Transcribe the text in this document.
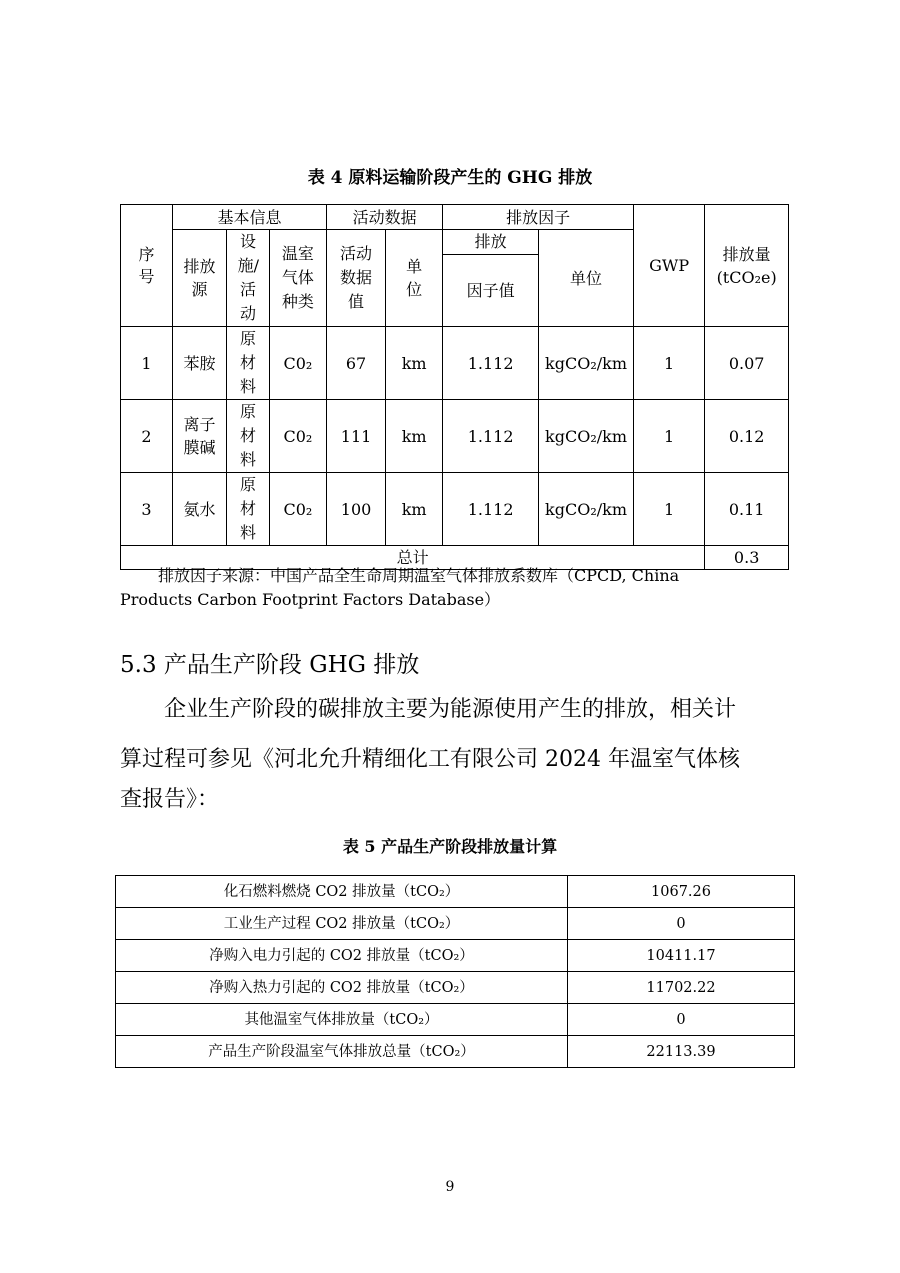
表 4 原料运输阶段产生的 GHG 排放
序号	基本信息			活动数据		排放因子		GWP	排放量(tCO₂e)

	排放源	设施/活动	温室气体种类	活动数据值	单位	排放	单位		
						因子值			
1	苯胺	原材料	C0₂	67	km	1.112	kgCO₂/km	1	0.07
2	离子膜碱	原材料	C0₂	111	km	1.112	kgCO₂/km	1	0.12
3	氨水	原材料	C0₂	100	km	1.112	kgCO₂/km	1	0.11
总计									0.3
排放因子来源：中国产品全生命周期温室气体排放系数库（CPCD, China
Products Carbon Footprint Factors Database）
5.3 产品生产阶段 GHG 排放
企业生产阶段的碳排放主要为能源使用产生的排放，相关计
算过程可参见《河北允升精细化工有限公司 2024 年温室气体核
查报告》：
表 5 产品生产阶段排放量计算
化石燃料燃烧 CO2 排放量（tCO₂）	1067.26
工业生产过程 CO2 排放量（tCO₂）	0
净购入电力引起的 CO2 排放量（tCO₂）	10411.17
净购入热力引起的 CO2 排放量（tCO₂）	11702.22
其他温室气体排放量（tCO₂）	0
产品生产阶段温室气体排放总量（tCO₂）	22113.39
9
